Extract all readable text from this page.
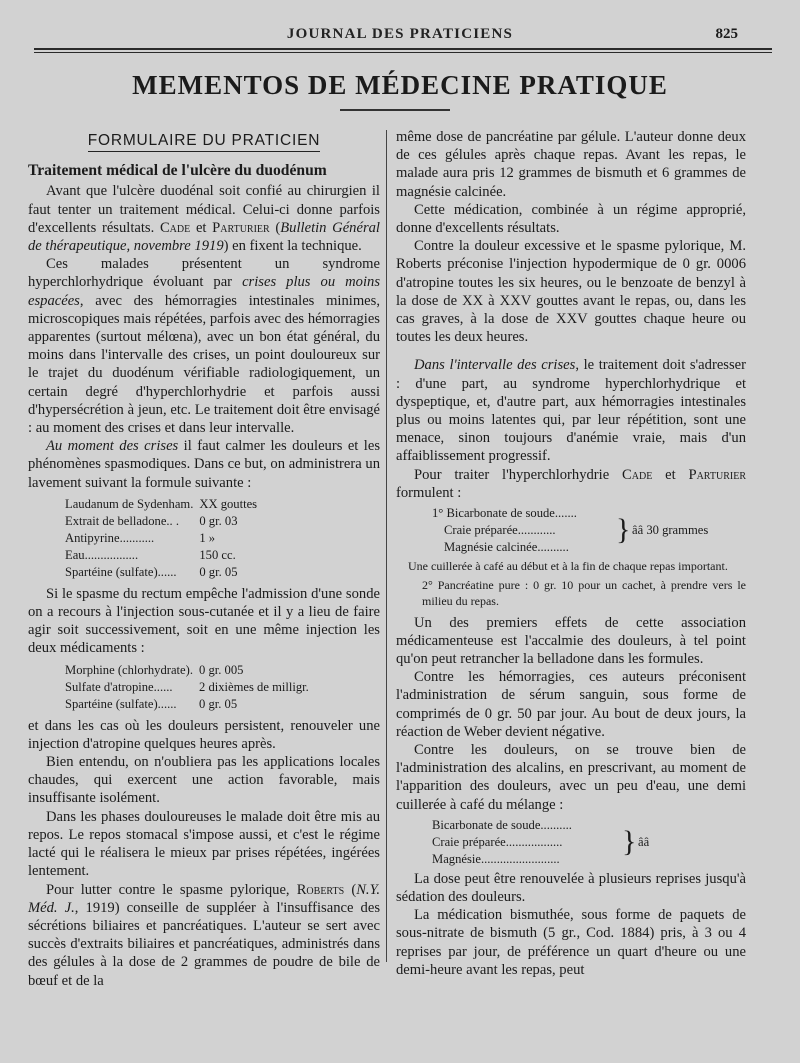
JOURNAL DES PRATICIENS	825
MEMENTOS DE MÉDECINE PRATIQUE
FORMULAIRE DU PRATICIEN
Traitement médical de l'ulcère du duodénum

Avant que l'ulcère duodénal soit confié au chirurgien il faut tenter un traitement médical. Celui-ci donne parfois d'excellents résultats. Cade et Parturier (Bulletin Général de thérapeutique, novembre 1919) en fixent la technique.

Ces malades présentent un syndrome hyperchlorhydrique évoluant par crises plus ou moins espacées, avec des hémorragies intestinales minimes, microscopiques mais répétées, parfois avec des hémorragies apparentes (surtout mélœna), avec un bon état général, du moins dans l'intervalle des crises, un point douloureux sur le trajet du duodénum vérifiable radiologiquement, un certain degré d'hyperchlorhydrie et parfois aussi d'hypersécrétion à jeun, etc. Le traitement doit être envisagé : au moment des crises et dans leur intervalle.

Au moment des crises il faut calmer les douleurs et les phénomènes spasmodiques. Dans ce but, on administrera un lavement suivant la formule suivante :

Laudanum de Sydenham.	XX gouttes
Extrait de belladone.. .	0 gr. 03
Antipyrine...........	1 »
Eau.................	150 cc.
Spartéine (sulfate)......	0 gr. 05

Si le spasme du rectum empêche l'admission d'une sonde on a recours à l'injection sous-cutanée et il y a lieu de faire agir soit successivement, soit en une même injection les deux médicaments :

Morphine (chlorhydrate).	0 gr. 005
Sulfate d'atropine......	2 dixièmes de milligr.
Spartéine (sulfate)......	0 gr. 05

et dans les cas où les douleurs persistent, renouveler une injection d'atropine quelques heures après.

Bien entendu, on n'oubliera pas les applications locales chaudes, qui exercent une action favorable, mais insuffisante isolément.

Dans les phases douloureuses le malade doit être mis au repos. Le repos stomacal s'impose aussi, et c'est le régime lacté qui le réalisera le mieux par prises répétées, ingérées lentement.

Pour lutter contre le spasme pylorique, Roberts (N.Y. Méd. J., 1919) conseille de suppléer à l'insuffisance des sécrétions biliaires et pancréatiques. L'auteur se sert avec succès d'extraits biliaires et pancréatiques, administrés dans des gélules à la dose de 2 grammes de poudre de bile de bœuf et de la

même dose de pancréatine par gélule. L'auteur donne deux de ces gélules après chaque repas. Avant les repas, le malade aura pris 12 grammes de bismuth et 6 grammes de magnésie calcinée.

Cette médication, combinée à un régime approprié, donne d'excellents résultats.

Contre la douleur excessive et le spasme pylorique, M. Roberts préconise l'injection hypodermique de 0 gr. 0006 d'atropine toutes les six heures, ou le benzoate de benzyl à la dose de XX à XXV gouttes avant le repas, ou, dans les cas graves, à la dose de XXV gouttes chaque heure ou toutes les deux heures.

Dans l'intervalle des crises, le traitement doit s'adresser : d'une part, au syndrome hyperchlorhydrique et dyspeptique, et, d'autre part, aux hémorragies intestinales plus ou moins latentes qui, par leur répétition, sont une menace, sinon toujours d'anémie vraie, mais d'un affaiblissement progressif.

Pour traiter l'hyperchlorhydrie Cade et Parturier formulent :

1° Bicarbonate de soude.......
Craie préparée............
Magnésie calcinée..........
} ââ 30 grammes
Une cuillerée à café au début et à la fin de chaque repas important.
2° Pancréatine pure : 0 gr. 10 pour un cachet, à prendre vers le milieu du repas.

Un des premiers effets de cette association médicamenteuse est l'accalmie des douleurs, à tel point qu'on peut retrancher la belladone dans les formules.

Contre les hémorragies, ces auteurs préconisent l'administration de sérum sanguin, sous forme de comprimés de 0 gr. 50 par jour. Au bout de deux jours, la réaction de Weber devient négative.

Contre les douleurs, on se trouve bien de l'administration des alcalins, en prescrivant, au moment de l'apparition des douleurs, avec un peu d'eau, une demi cuillerée à café du mélange :

Bicarbonate de soude..........
Craie préparée..................
Magnésie.........................
} ââ

La dose peut être renouvelée à plusieurs reprises jusqu'à sédation des douleurs.

La médication bismuthée, sous forme de paquets de sous-nitrate de bismuth (5 gr., Cod. 1884) pris, à 3 ou 4 reprises par jour, de préférence un quart d'heure ou une demi-heure avant les repas, peut
